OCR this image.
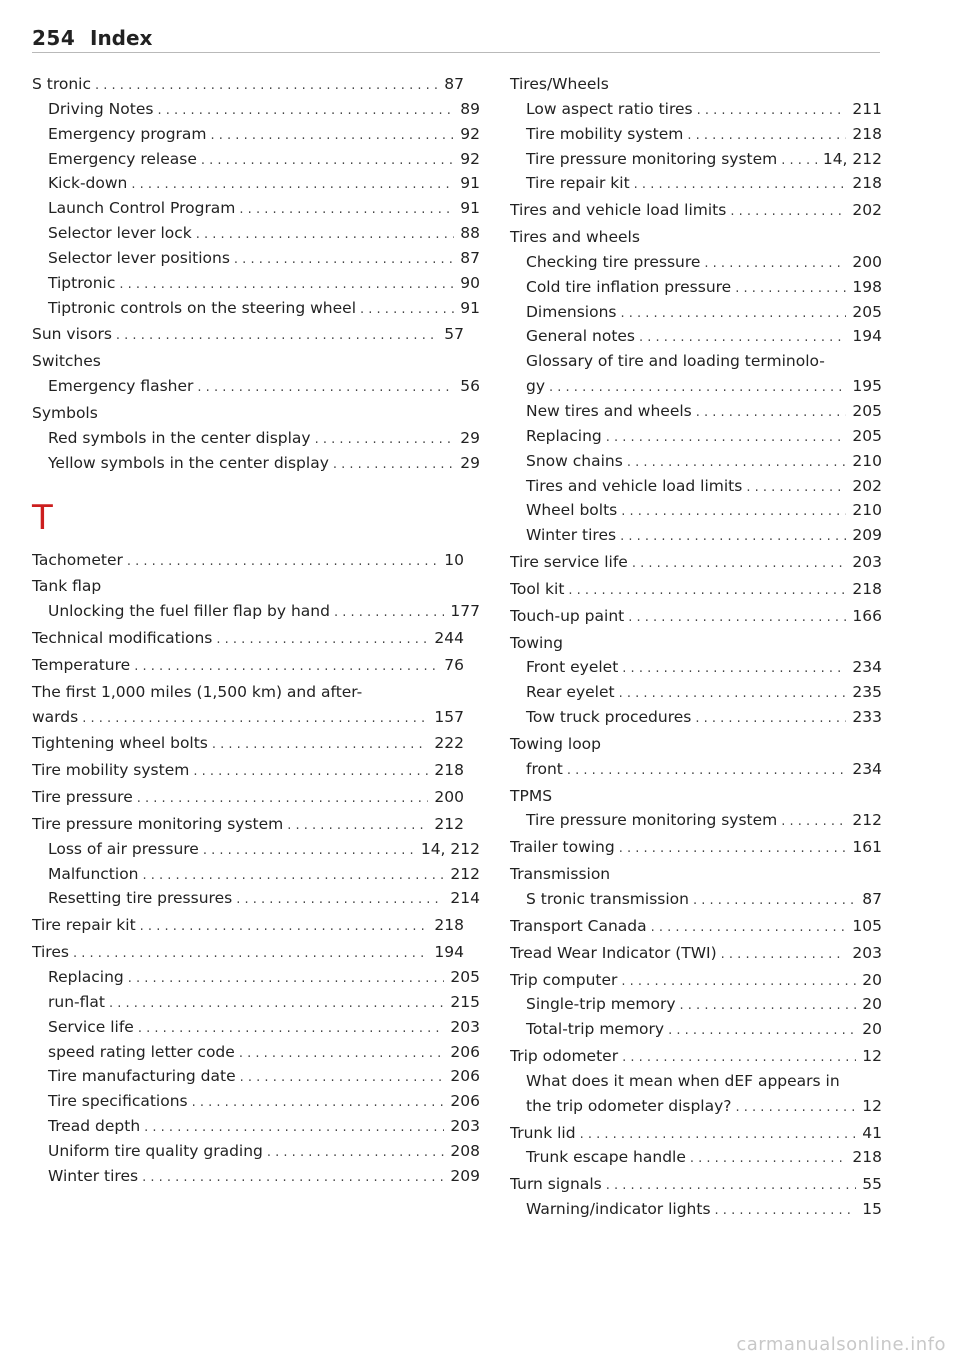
254 Index
S tronic . . .	87
Driving Notes . . .	89
Emergency program . . .	92
Emergency release . . .	92
Kick-down . . .	91
Launch Control Program . . .	91
Selector lever lock . . .	88
Selector lever positions . . .	87
Tiptronic . . .	90
Tiptronic controls on the steering wheel . . .	91
Sun visors . . .	57
Switches
Emergency flasher . . .	56
Symbols
Red symbols in the center display . . .	29
Yellow symbols in the center display . . .	29
T
Tachometer . . .	10
Tank flap
Unlocking the fuel filler flap by hand . . .	177
Technical modifications . . .	244
Temperature . . .	76
The first 1,000 miles (1,500 km) and after-
wards . . .	157
Tightening wheel bolts . . .	222
Tire mobility system . . .	218
Tire pressure . . .	200
Tire pressure monitoring system . . .	212
Loss of air pressure . . .	14, 212
Malfunction . . .	212
Resetting tire pressures . . .	214
Tire repair kit . . .	218
Tires . . .	194
Replacing . . .	205
run-flat . . .	215
Service life . . .	203
speed rating letter code . . .	206
Tire manufacturing date . . .	206
Tire specifications . . .	206
Tread depth . . .	203
Uniform tire quality grading . . .	208
Winter tires . . .	209
Tires/Wheels
Low aspect ratio tires . . .	211
Tire mobility system . . .	218
Tire pressure monitoring system . . .	14, 212
Tire repair kit . . .	218
Tires and vehicle load limits . . .	202
Tires and wheels
Checking tire pressure . . .	200
Cold tire inflation pressure . . .	198
Dimensions . . .	205
General notes . . .	194
Glossary of tire and loading terminolo-
gy . . .	195
New tires and wheels . . .	205
Replacing . . .	205
Snow chains . . .	210
Tires and vehicle load limits . . .	202
Wheel bolts . . .	210
Winter tires . . .	209
Tire service life . . .	203
Tool kit . . .	218
Touch-up paint . . .	166
Towing
Front eyelet . . .	234
Rear eyelet . . .	235
Tow truck procedures . . .	233
Towing loop
front . . .	234
TPMS
Tire pressure monitoring system . . .	212
Trailer towing . . .	161
Transmission
S tronic transmission . . .	87
Transport Canada . . .	105
Tread Wear Indicator (TWI) . . .	203
Trip computer . . .	20
Single-trip memory . . .	20
Total-trip memory . . .	20
Trip odometer . . .	12
What does it mean when dEF appears in
the trip odometer display? . . .	12
Trunk lid . . .	41
Trunk escape handle . . .	218
Turn signals . . .	55
Warning/indicator lights . . .	15
carmanualsonline.info
